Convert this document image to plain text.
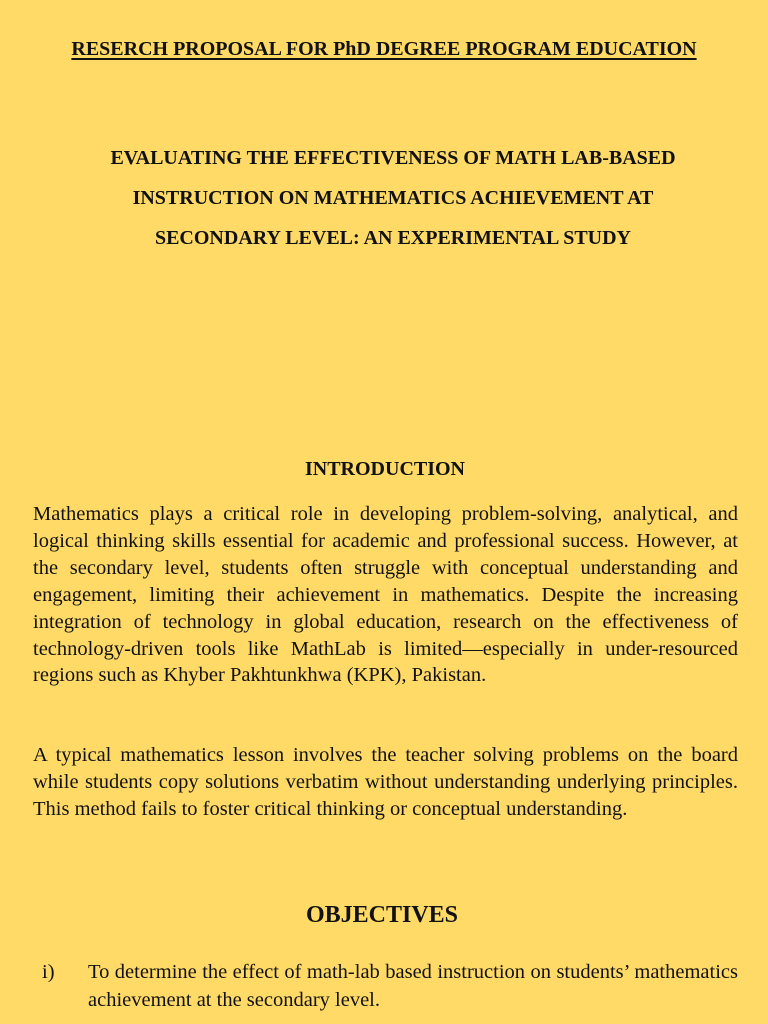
RESERCH PROPOSAL FOR PhD DEGREE PROGRAM EDUCATION
EVALUATING THE EFFECTIVENESS OF MATH LAB-BASED
INSTRUCTION ON MATHEMATICS ACHIEVEMENT AT
SECONDARY LEVEL: AN EXPERIMENTAL STUDY
INTRODUCTION

Mathematics plays a critical role in developing problem-solving, analytical, and logical thinking skills essential for academic and professional success. However, at the secondary level, students often struggle with conceptual understanding and engagement, limiting their achievement in mathematics. Despite the increasing integration of technology in global education, research on the effectiveness of technology-driven tools like MathLab is limited—especially in under-resourced regions such as Khyber Pakhtunkhwa (KPK), Pakistan.

A typical mathematics lesson involves the teacher solving problems on the board while students copy solutions verbatim without understanding underlying principles. This method fails to foster critical thinking or conceptual understanding.

OBJECTIVES
i)	To determine the effect of math-lab based instruction on students’ mathematics achievement at the secondary level.
